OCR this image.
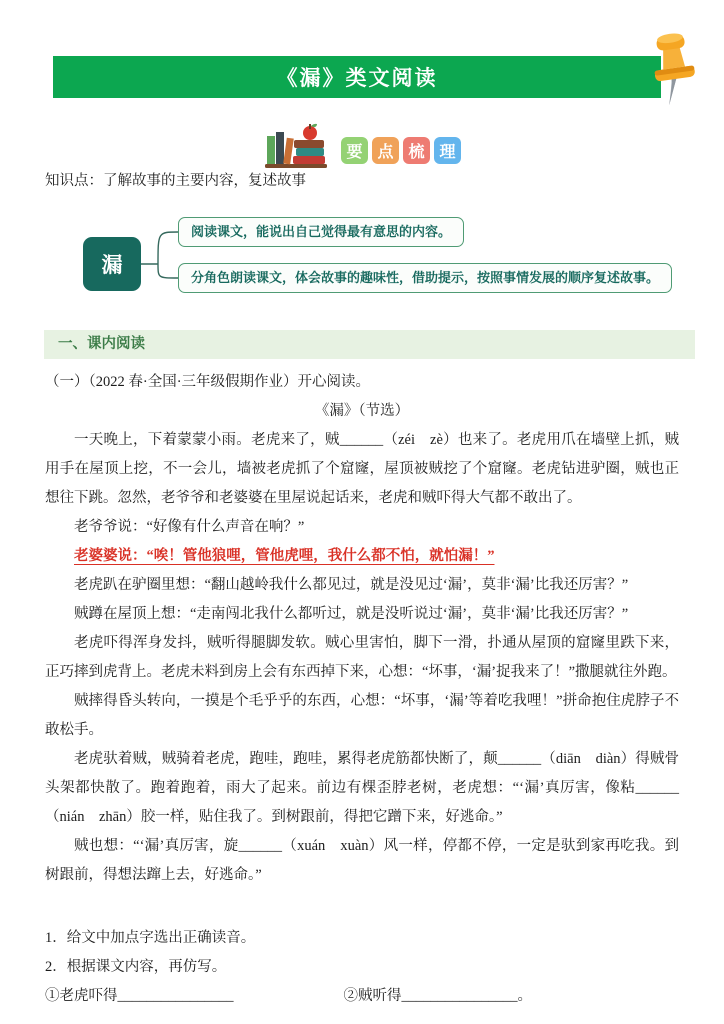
《漏》类文阅读
要 点 梳 理

知识点：了解故事的主要内容，复述故事

漏
阅读课文，能说出自己觉得最有意思的内容。
分角色朗读课文，体会故事的趣味性，借助提示，按照事情发展的顺序复述故事。
一、课内阅读

（一）（2022 春·全国·三年级假期作业）开心阅读。

《漏》（节选）

一天晚上，下着蒙蒙小雨。老虎来了，贼______（zéi　zè）也来了。老虎用爪在墙壁上抓，贼用手在屋顶上挖，不一会儿，墙被老虎抓了个窟窿，屋顶被贼挖了个窟窿。老虎钻进驴圈，贼也正想往下跳。忽然，老爷爷和老婆婆在里屋说起话来，老虎和贼吓得大气都不敢出了。

老爷爷说：“好像有什么声音在响？”

老婆婆说：“唉！管他狼哩，管他虎哩，我什么都不怕，就怕漏！”

老虎趴在驴圈里想：“翻山越岭我什么都见过，就是没见过‘漏’，莫非‘漏’比我还厉害？”

贼蹲在屋顶上想：“走南闯北我什么都听过，就是没听说过‘漏’，莫非‘漏’比我还厉害？”

老虎吓得浑身发抖，贼听得腿脚发软。贼心里害怕，脚下一滑，扑通从屋顶的窟窿里跌下来，正巧摔到虎背上。老虎未料到房上会有东西掉下来，心想：“坏事，‘漏’捉我来了！”撒腿就往外跑。

贼摔得昏头转向，一摸是个毛乎乎的东西，心想：“坏事，‘漏’等着吃我哩！”拼命抱住虎脖子不敢松手。

老虎驮着贼，贼骑着老虎，跑哇，跑哇，累得老虎筋都快断了，颠______（diān　diàn）得贼骨头架都快散了。跑着跑着，雨大了起来。前边有棵歪脖老树，老虎想：“‘漏’真厉害，像粘______（nián　zhān）胶一样，贴住我了。到树跟前，得把它蹭下来，好逃命。”

贼也想：“‘漏’真厉害，旋______（xuán　xuàn）风一样，停都不停，一定是驮到家再吃我。到树跟前，得想法蹿上去，好逃命。”

1．给文中加点字选出正确读音。

2．根据课文内容，再仿写。

①老虎吓得________________	②贼听得________________。
